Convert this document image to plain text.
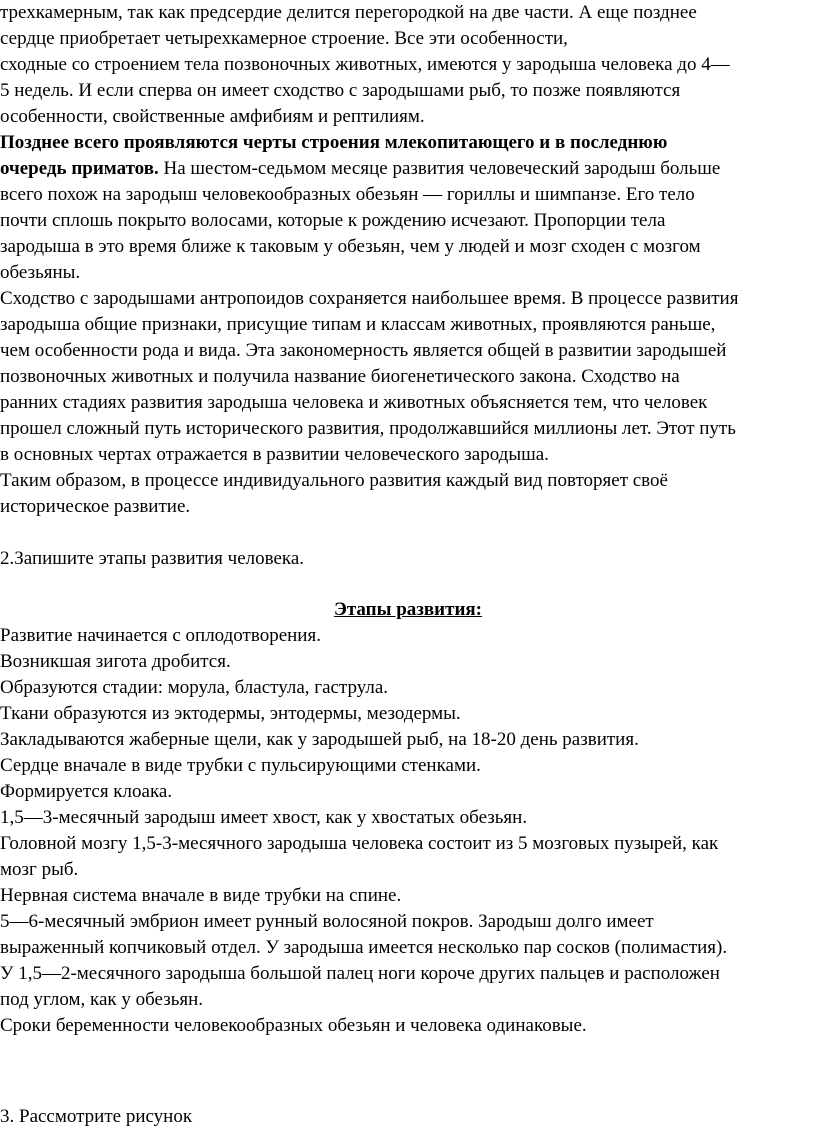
трехкамерным, так как предсердие делится перегородкой на две части. А еще позднее
сердце приобретает четырехкамерное строение. Все эти особенности,
сходные со строением тела позвоночных животных, имеются у зародыша человека до 4—
5 недель. И если сперва он имеет сходство с зародышами рыб, то позже появляются
особенности, свойственные амфибиям и рептилиям.
Позднее всего проявляются черты строения млекопитающего и в последнюю
очередь приматов. На шестом-седьмом месяце развития человеческий зародыш больше
всего похож на зародыш человекообразных обезьян — гориллы и шимпанзе. Его тело
почти сплошь покрыто волосами, которые к рождению исчезают. Пропорции тела
зародыша в это время ближе к таковым у обезьян, чем у людей и мозг сходен с мозгом
обезьяны.
Сходство с зародышами антропоидов сохраняется наибольшее время. В процессе развития
зародыша общие признаки, присущие типам и классам животных, проявляются раньше,
чем особенности рода и вида. Эта закономерность является общей в развитии зародышей
позвоночных животных и получила название биогенетического закона. Сходство на
ранних стадиях развития зародыша человека и животных объясняется тем, что человек
прошел сложный путь исторического развития, продолжавшийся миллионы лет. Этот путь
в основных чертах отражается в развитии человеческого зародыша.
Таким образом, в процессе индивидуального развития каждый вид повторяет своё
историческое развитие.
2.Запишите этапы развития человека.
Этапы развития:
Развитие начинается с оплодотворения.
Возникшая зигота дробится.
Образуются стадии: морула, бластула, гаструла.
Ткани образуются из эктодермы, энтодермы, мезодермы.
Закладываются жаберные щели, как у зародышей рыб, на 18-20 день развития.
Сердце вначале в виде трубки с пульсирующими стенками.
Формируется клоака.
1,5—3-месячный зародыш имеет хвост, как у хвостатых обезьян.
Головной мозгу 1,5-3-месячного зародыша человека состоит из 5 мозговых пузырей, как
мозг рыб.
Нервная система вначале в виде трубки на спине.
5—6-месячный эмбрион имеет рунный волосяной покров. Зародыш долго имеет
выраженный копчиковый отдел. У зародыша имеется несколько пар сосков (полимастия).
У 1,5—2-месячного зародыша большой палец ноги короче других пальцев и расположен
под углом, как у обезьян.
Сроки беременности человекообразных обезьян и человека одинаковые.
3. Рассмотрите рисунок
